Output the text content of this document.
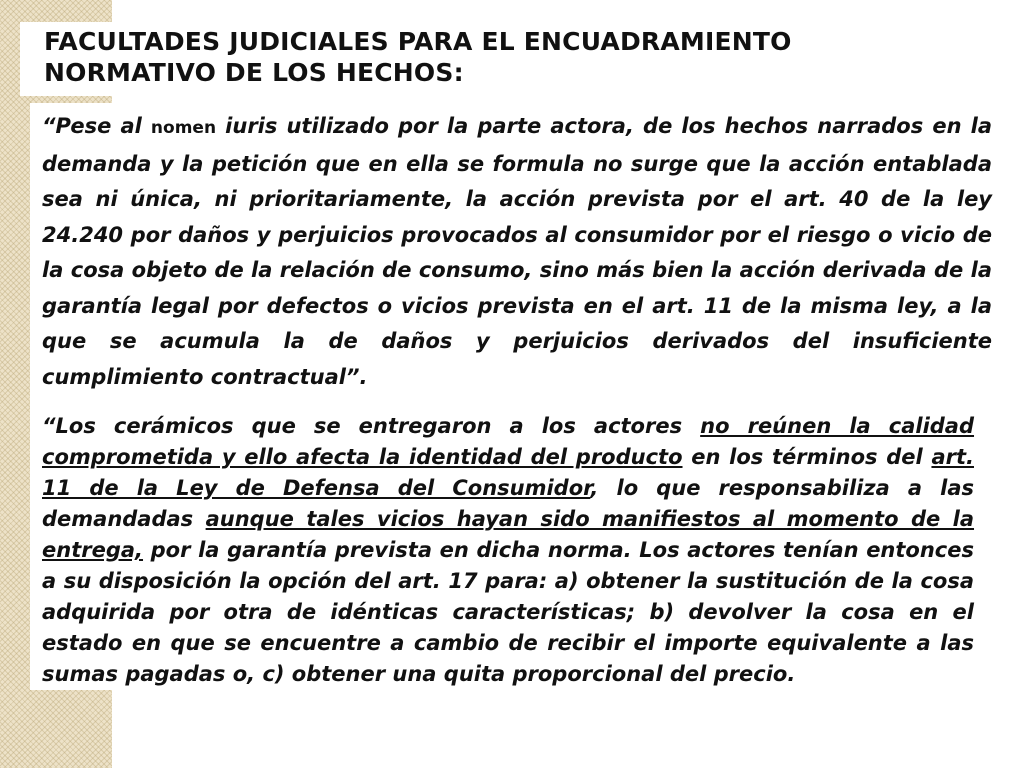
FACULTADES JUDICIALES PARA EL ENCUADRAMIENTO NORMATIVO DE LOS HECHOS:

“Pese al nomen iuris utilizado por la parte actora, de los hechos narrados en la demanda y la petición que en ella se formula no surge que la acción entablada sea ni única, ni prioritariamente, la acción prevista por el art. 40 de la ley 24.240 por daños y perjuicios provocados al consumidor por el riesgo o vicio de la cosa objeto de la relación de consumo, sino más bien la acción derivada de la garantía legal por defectos o vicios prevista en el art. 11 de la misma ley, a la que se acumula la de daños y perjuicios derivados del insuficiente cumplimiento contractual”.

“Los cerámicos que se entregaron a los actores no reúnen la calidad comprometida y ello afecta la identidad del producto en los términos del art. 11 de la Ley de Defensa del Consumidor, lo que responsabiliza a las demandadas aunque tales vicios hayan sido manifiestos al momento de la entrega, por la garantía prevista en dicha norma. Los actores tenían entonces a su disposición la opción del art. 17 para: a) obtener la sustitución de la cosa adquirida por otra de idénticas características; b) devolver la cosa en el estado en que se encuentre a cambio de recibir el importe equivalente a las sumas pagadas o, c) obtener una quita proporcional del precio.
